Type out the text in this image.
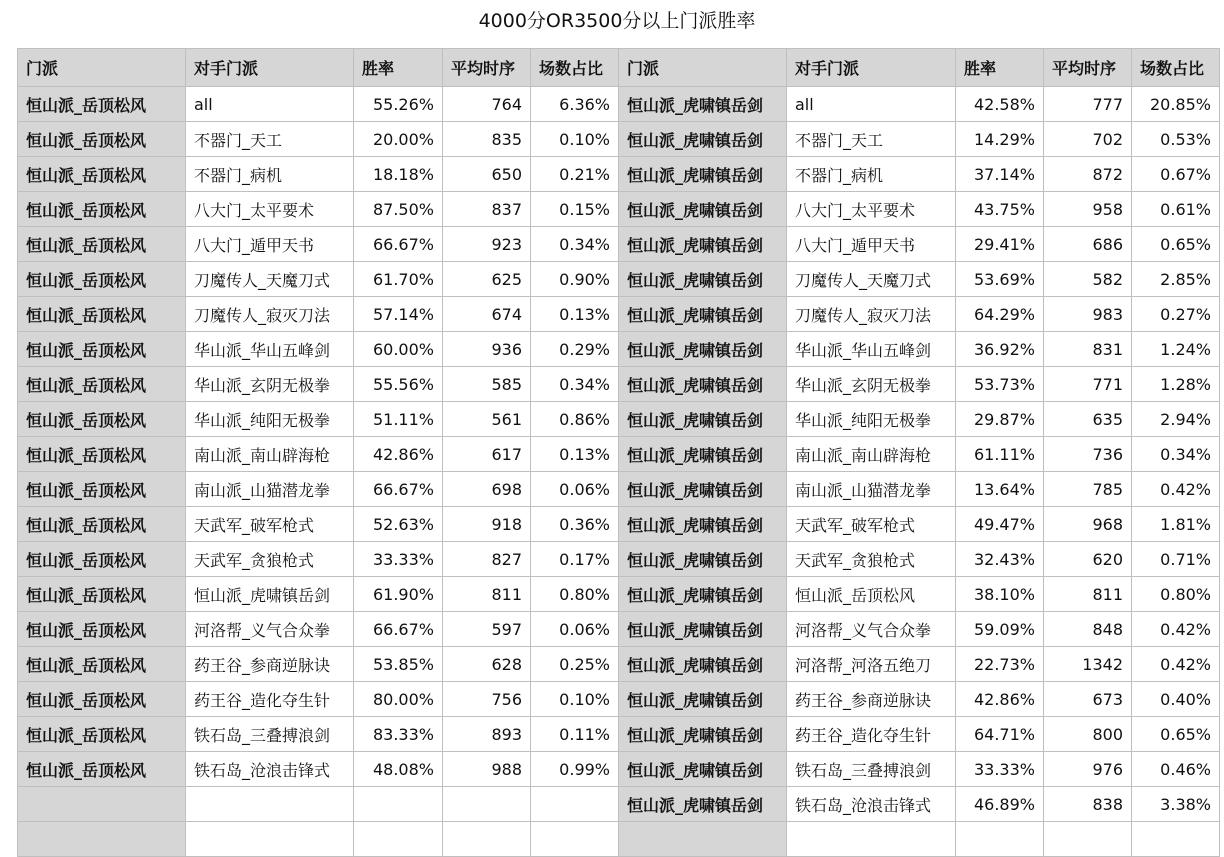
4000分OR3500分以上门派胜率
门派	对手门派	胜率	平均时序	场数占比	门派	对手门派	胜率	平均时序	场数占比
恒山派_岳顶松风	all	55.26%	764	6.36%	恒山派_虎啸镇岳剑	all	42.58%	777	20.85%
恒山派_岳顶松风	不器门_天工	20.00%	835	0.10%	恒山派_虎啸镇岳剑	不器门_天工	14.29%	702	0.53%
恒山派_岳顶松风	不器门_病机	18.18%	650	0.21%	恒山派_虎啸镇岳剑	不器门_病机	37.14%	872	0.67%
恒山派_岳顶松风	八大门_太平要术	87.50%	837	0.15%	恒山派_虎啸镇岳剑	八大门_太平要术	43.75%	958	0.61%
恒山派_岳顶松风	八大门_遁甲天书	66.67%	923	0.34%	恒山派_虎啸镇岳剑	八大门_遁甲天书	29.41%	686	0.65%
恒山派_岳顶松风	刀魔传人_天魔刀式	61.70%	625	0.90%	恒山派_虎啸镇岳剑	刀魔传人_天魔刀式	53.69%	582	2.85%
恒山派_岳顶松风	刀魔传人_寂灭刀法	57.14%	674	0.13%	恒山派_虎啸镇岳剑	刀魔传人_寂灭刀法	64.29%	983	0.27%
恒山派_岳顶松风	华山派_华山五峰剑	60.00%	936	0.29%	恒山派_虎啸镇岳剑	华山派_华山五峰剑	36.92%	831	1.24%
恒山派_岳顶松风	华山派_玄阴无极拳	55.56%	585	0.34%	恒山派_虎啸镇岳剑	华山派_玄阴无极拳	53.73%	771	1.28%
恒山派_岳顶松风	华山派_纯阳无极拳	51.11%	561	0.86%	恒山派_虎啸镇岳剑	华山派_纯阳无极拳	29.87%	635	2.94%
恒山派_岳顶松风	南山派_南山辟海枪	42.86%	617	0.13%	恒山派_虎啸镇岳剑	南山派_南山辟海枪	61.11%	736	0.34%
恒山派_岳顶松风	南山派_山猫潜龙拳	66.67%	698	0.06%	恒山派_虎啸镇岳剑	南山派_山猫潜龙拳	13.64%	785	0.42%
恒山派_岳顶松风	天武军_破军枪式	52.63%	918	0.36%	恒山派_虎啸镇岳剑	天武军_破军枪式	49.47%	968	1.81%
恒山派_岳顶松风	天武军_贪狼枪式	33.33%	827	0.17%	恒山派_虎啸镇岳剑	天武军_贪狼枪式	32.43%	620	0.71%
恒山派_岳顶松风	恒山派_虎啸镇岳剑	61.90%	811	0.80%	恒山派_虎啸镇岳剑	恒山派_岳顶松风	38.10%	811	0.80%
恒山派_岳顶松风	河洛帮_义气合众拳	66.67%	597	0.06%	恒山派_虎啸镇岳剑	河洛帮_义气合众拳	59.09%	848	0.42%
恒山派_岳顶松风	药王谷_参商逆脉诀	53.85%	628	0.25%	恒山派_虎啸镇岳剑	河洛帮_河洛五绝刀	22.73%	1342	0.42%
恒山派_岳顶松风	药王谷_造化夺生针	80.00%	756	0.10%	恒山派_虎啸镇岳剑	药王谷_参商逆脉诀	42.86%	673	0.40%
恒山派_岳顶松风	铁石岛_三叠搏浪剑	83.33%	893	0.11%	恒山派_虎啸镇岳剑	药王谷_造化夺生针	64.71%	800	0.65%
恒山派_岳顶松风	铁石岛_沧浪击锋式	48.08%	988	0.99%	恒山派_虎啸镇岳剑	铁石岛_三叠搏浪剑	33.33%	976	0.46%
					恒山派_虎啸镇岳剑	铁石岛_沧浪击锋式	46.89%	838	3.38%
